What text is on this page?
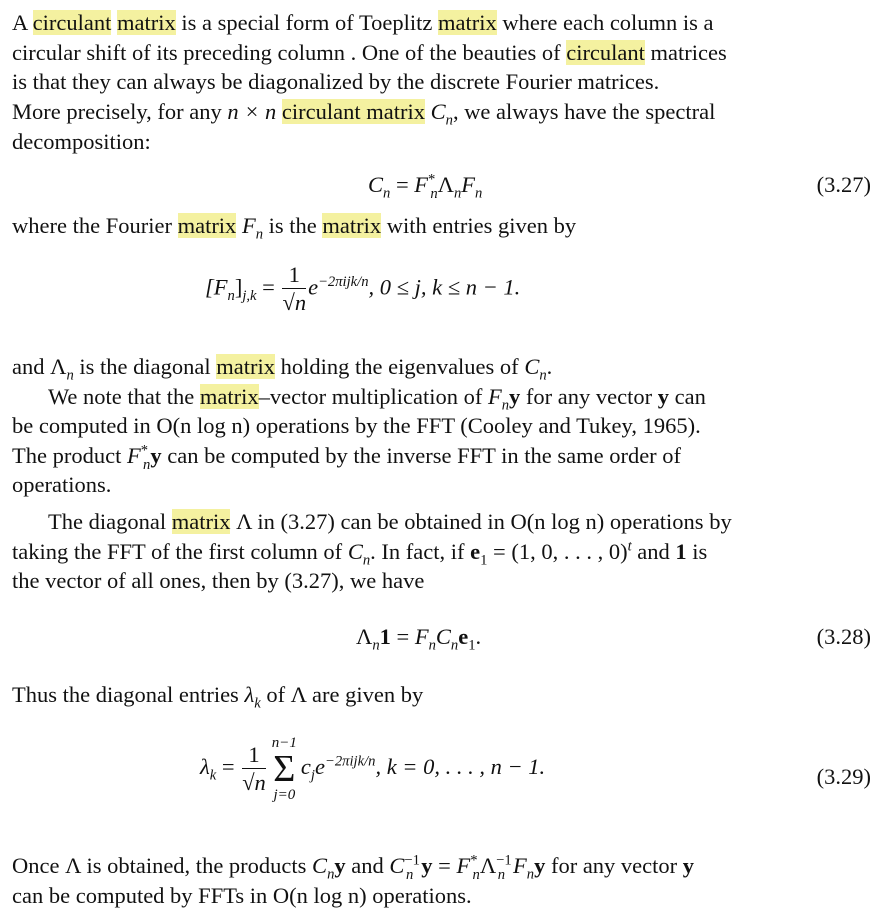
A circulant matrix is a special form of Toeplitz matrix where each column is a
circular shift of its preceding column . One of the beauties of circulant matrices
is that they can always be diagonalized by the discrete Fourier matrices.
More precisely, for any n × n circulant matrix $C_n$, we always have the spectral
decomposition:
$C_n = F^*_n\Lambda_nF_n$	(3.27)
where the Fourier matrix $F_n$ is the matrix with entries given by
$[F_n]_{j,k} = \frac{1}{√n} e^{-2\pi ijk/n}$, 0 ≤ j, k ≤ n − 1.
and $\Lambda_n$ is the diagonal matrix holding the eigenvalues of $C_n$.
We note that the matrix–vector multiplication of $F_ny$ for any vector y can
be computed in O(n log n) operations by the FFT (Cooley and Tukey, 1965).
The product $F^*_ny$ can be computed by the inverse FFT in the same order of
operations.
The diagonal matrix Λ in (3.27) can be obtained in O(n log n) operations by
taking the FFT of the first column of $C_n$. In fact, if $e_1 = (1$, 0, . . . , 0)$^t$ and 1 is
the vector of all ones, then by (3.27), we have
$\Lambda_n1 = F_nC_ne_1$.	(3.28)
Thus the diagonal entries $\lambda_k$ of Λ are given by
$\lambda_k = \frac{1}{√n} n-1$
Σ
j=0
$c_je^{-2\pi ijk/n}$, k = 0, . . . , n − 1.	(3.29)
Once Λ is obtained, the products $C_ny$ and $C^{-1}_n$ $y = F^*_n\Lambda^{-1}_n$ $F_ny$ for any vector y
can be computed by FFTs in O(n log n) operations.
